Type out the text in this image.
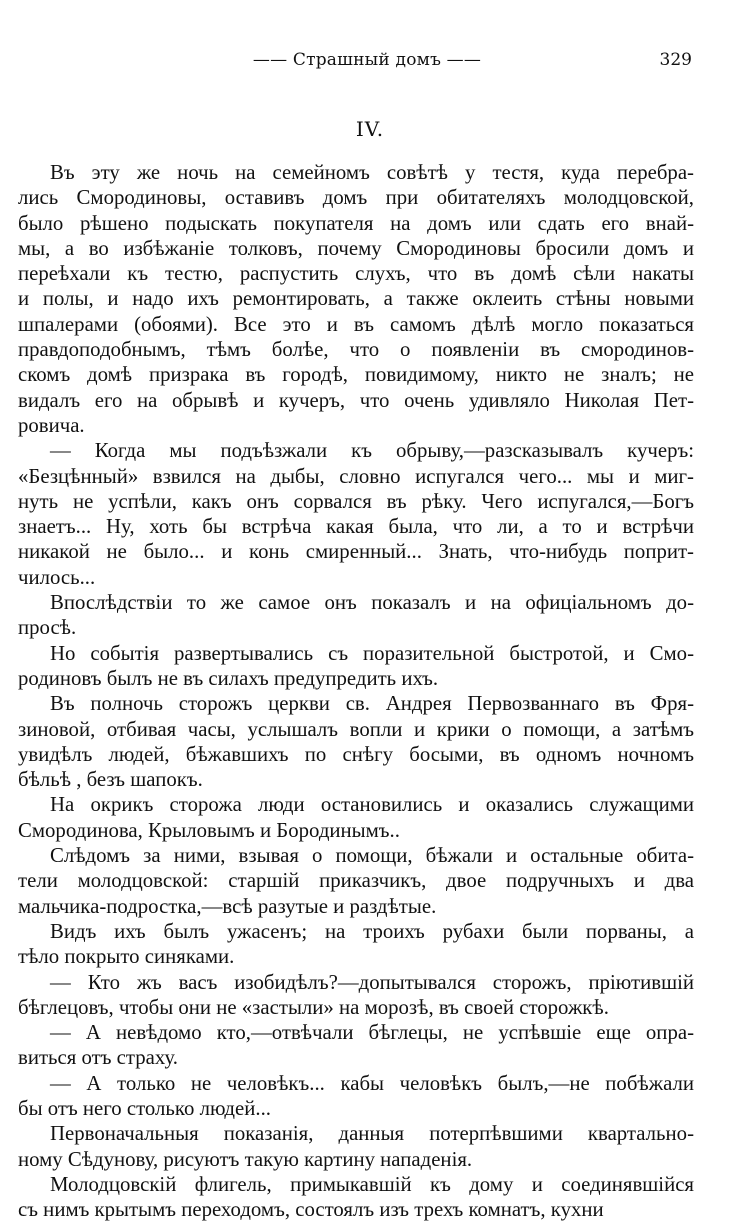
—— Страшный домъ ——	329
IV.
Въ эту же ночь на семейномъ совѣтѣ у тестя, куда перебра-
лись Смородиновы, оставивъ домъ при обитателяхъ молодцовской,
было рѣшено подыскать покупателя на домъ или сдать его внай-
мы, а во избѣжаніе толковъ, почему Смородиновы бросили домъ и
переѣхали къ тестю, распустить слухъ, что въ домѣ сѣли накаты
и полы, и надо ихъ ремонтировать, а также оклеить стѣны новыми
шпалерами (обоями). Все это и въ самомъ дѣлѣ могло показаться
правдоподобнымъ, тѣмъ болѣе, что о появленіи въ смородинов-
скомъ домѣ призрака въ городѣ, повидимому, никто не зналъ; не
видалъ его на обрывѣ и кучеръ, что очень удивляло Николая Пет-
ровича.
— Когда мы подъѣзжали къ обрыву,—разсказывалъ кучеръ:
«Безцѣнный» взвился на дыбы, словно испугался чего... мы и миг-
нуть не успѣли, какъ онъ сорвался въ рѣку. Чего испугался,—Богъ
знаетъ... Ну, хоть бы встрѣча какая была, что ли, а то и встрѣчи
никакой не было... и конь смиренный... Знать, что-нибудь поприт-
чилось...
Впослѣдствіи то же самое онъ показалъ и на офиціальномъ до-
просѣ.
Но событія развертывались съ поразительной быстротой, и Смо-
родиновъ былъ не въ силахъ предупредить ихъ.
Въ полночь сторожъ церкви св. Андрея Первозваннаго въ Фря-
зиновой, отбивая часы, услышалъ вопли и крики о помощи, а затѣмъ
увидѣлъ людей, бѣжавшихъ по снѣгу босыми, въ одномъ ночномъ
бѣльѣ , безъ шапокъ.
На окрикъ сторожа люди остановились и оказались служащими
Смородинова, Крыловымъ и Бородинымъ..
Слѣдомъ за ними, взывая о помощи, бѣжали и остальные обита-
тели молодцовской: старшій приказчикъ, двое подручныхъ и два
мальчика-подростка,—всѣ разутые и раздѣтые.
Видъ ихъ былъ ужасенъ; на троихъ рубахи были порваны, а
тѣло покрыто синяками.
— Кто жъ васъ изобидѣлъ?—допытывался сторожъ, пріютившій
бѣглецовъ, чтобы они не «застыли» на морозѣ, въ своей сторожкѣ.
— А невѣдомо кто,—отвѣчали бѣглецы, не успѣвшіе еще опра-
виться отъ страху.
— А только не человѣкъ... кабы человѣкъ былъ,—не побѣжали
бы отъ него столько людей...
Первоначальныя показанія, данныя потерпѣвшими квартально-
ному Сѣдунову, рисуютъ такую картину нападенія.
Молодцовскій флигель, примыкавшій къ дому и соединявшійся
съ нимъ крытымъ переходомъ, состоялъ изъ трехъ комнатъ, кухни
